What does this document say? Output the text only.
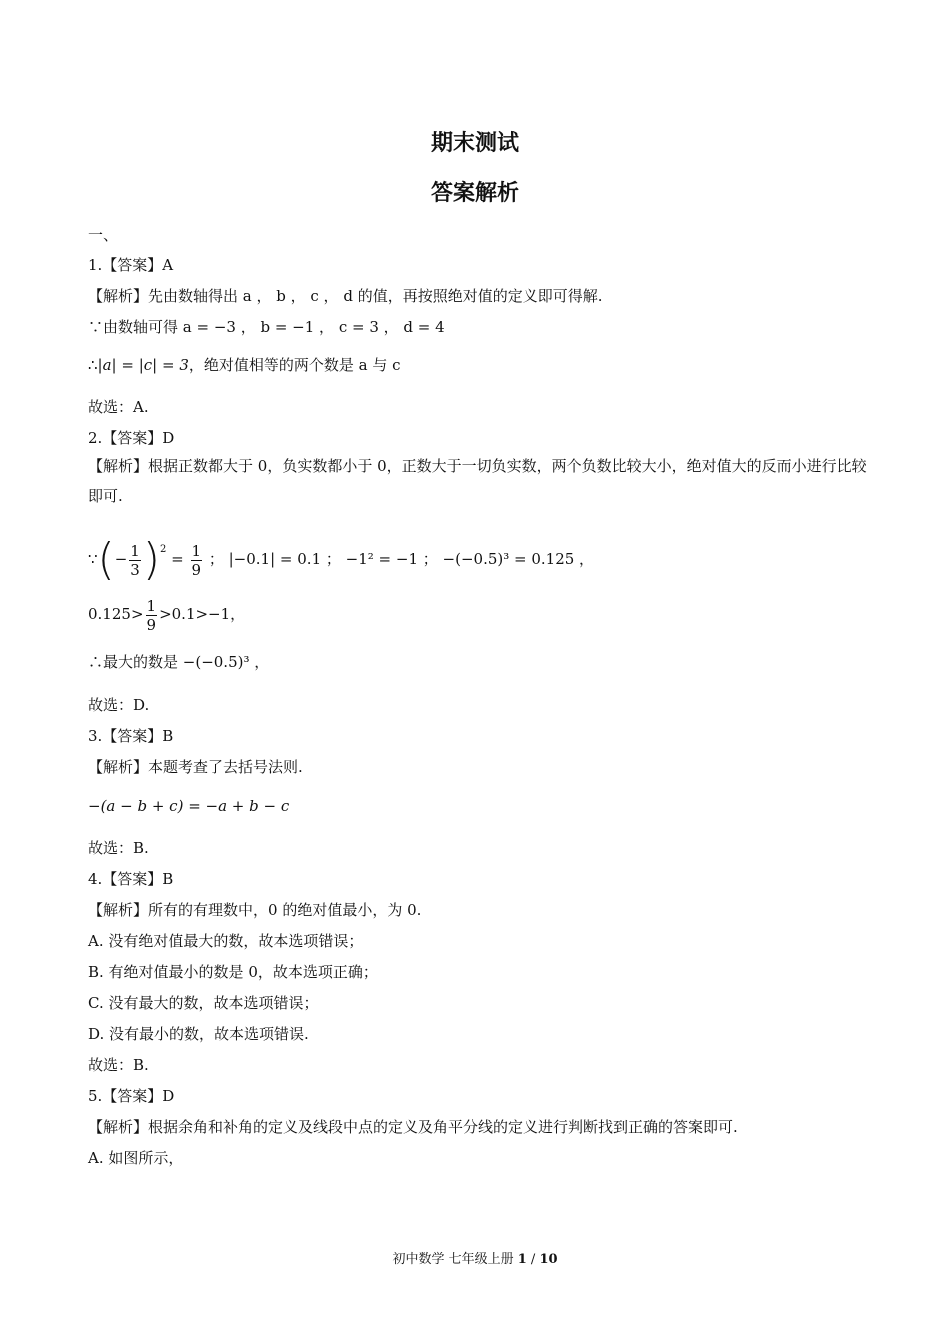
期末测试
答案解析
一、
1.【答案】A
【解析】先由数轴得出 a ， b ， c ， d 的值，再按照绝对值的定义即可得解.
∵由数轴可得 a = −3 ， b = −1 ， c = 3 ， d = 4
∴|a| = |c| = 3，绝对值相等的两个数是 a 与 c
故选：A.
2.【答案】D
【解析】根据正数都大于 0，负实数都小于 0，正数大于一切负实数，两个负数比较大小，绝对值大的反而小进行比较即可.
∵(− $\frac{1}{3} )^2 = \frac{1}{9}$ ； |−0.1| = 0.1 ； −1² = −1 ； −(−0.5)³ = 0.125 ，
$0.125> \frac{1}{9} >0.1>-1$，
∴最大的数是 −(−0.5)³ ，
故选：D.
3.【答案】B
【解析】本题考查了去括号法则.
−(a − b + c) = −a + b − c
故选：B.
4.【答案】B
【解析】所有的有理数中，0 的绝对值最小，为 0.
A. 没有绝对值最大的数，故本选项错误；
B. 有绝对值最小的数是 0，故本选项正确；
C. 没有最大的数，故本选项错误；
D. 没有最小的数，故本选项错误.
故选：B.
5.【答案】D
【解析】根据余角和补角的定义及线段中点的定义及角平分线的定义进行判断找到正确的答案即可.
A. 如图所示，
初中数学 七年级上册 1 / 10
